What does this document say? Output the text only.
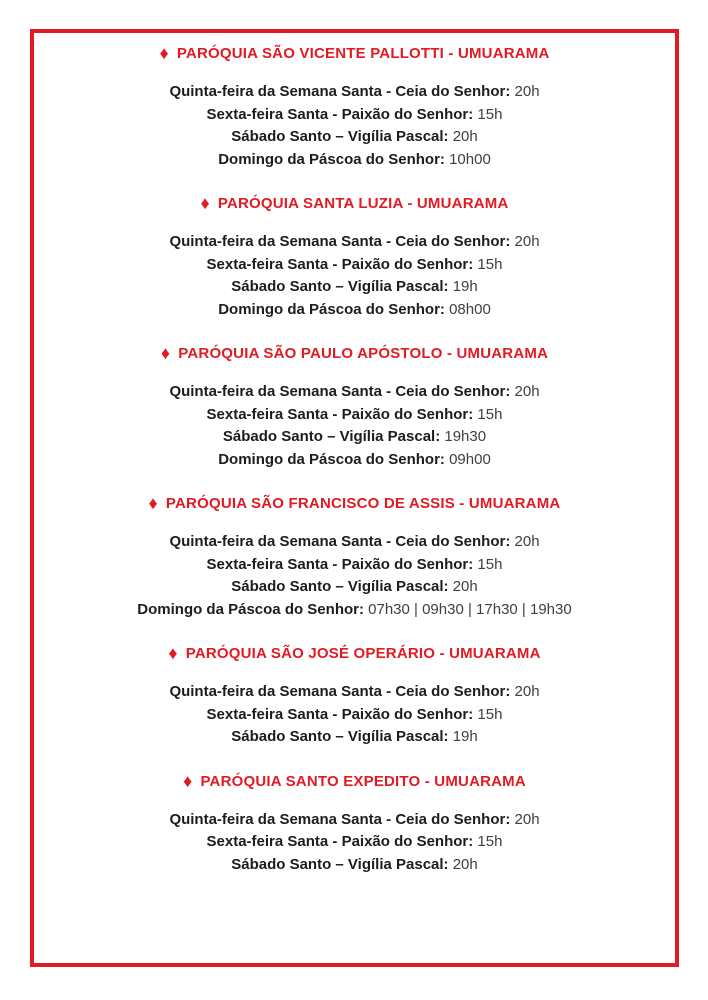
♦ PARÓQUIA SÃO VICENTE PALLOTTI - UMUARAMA

Quinta-feira da Semana Santa - Ceia do Senhor: 20h

Sexta-feira Santa - Paixão do Senhor: 15h

Sábado Santo – Vigília Pascal: 20h

Domingo da Páscoa do Senhor: 10h00

♦ PARÓQUIA SANTA LUZIA - UMUARAMA

Quinta-feira da Semana Santa - Ceia do Senhor: 20h

Sexta-feira Santa - Paixão do Senhor: 15h

Sábado Santo – Vigília Pascal: 19h

Domingo da Páscoa do Senhor: 08h00

♦ PARÓQUIA SÃO PAULO APÓSTOLO - UMUARAMA

Quinta-feira da Semana Santa - Ceia do Senhor: 20h

Sexta-feira Santa - Paixão do Senhor: 15h

Sábado Santo – Vigília Pascal: 19h30

Domingo da Páscoa do Senhor: 09h00

♦ PARÓQUIA SÃO FRANCISCO DE ASSIS - UMUARAMA

Quinta-feira da Semana Santa - Ceia do Senhor: 20h

Sexta-feira Santa - Paixão do Senhor: 15h

Sábado Santo – Vigília Pascal: 20h

Domingo da Páscoa do Senhor: 07h30 | 09h30 | 17h30 | 19h30

♦ PARÓQUIA SÃO JOSÉ OPERÁRIO - UMUARAMA

Quinta-feira da Semana Santa - Ceia do Senhor: 20h

Sexta-feira Santa - Paixão do Senhor: 15h

Sábado Santo – Vigília Pascal: 19h

♦ PARÓQUIA SANTO EXPEDITO - UMUARAMA

Quinta-feira da Semana Santa - Ceia do Senhor: 20h

Sexta-feira Santa - Paixão do Senhor: 15h

Sábado Santo – Vigília Pascal: 20h
